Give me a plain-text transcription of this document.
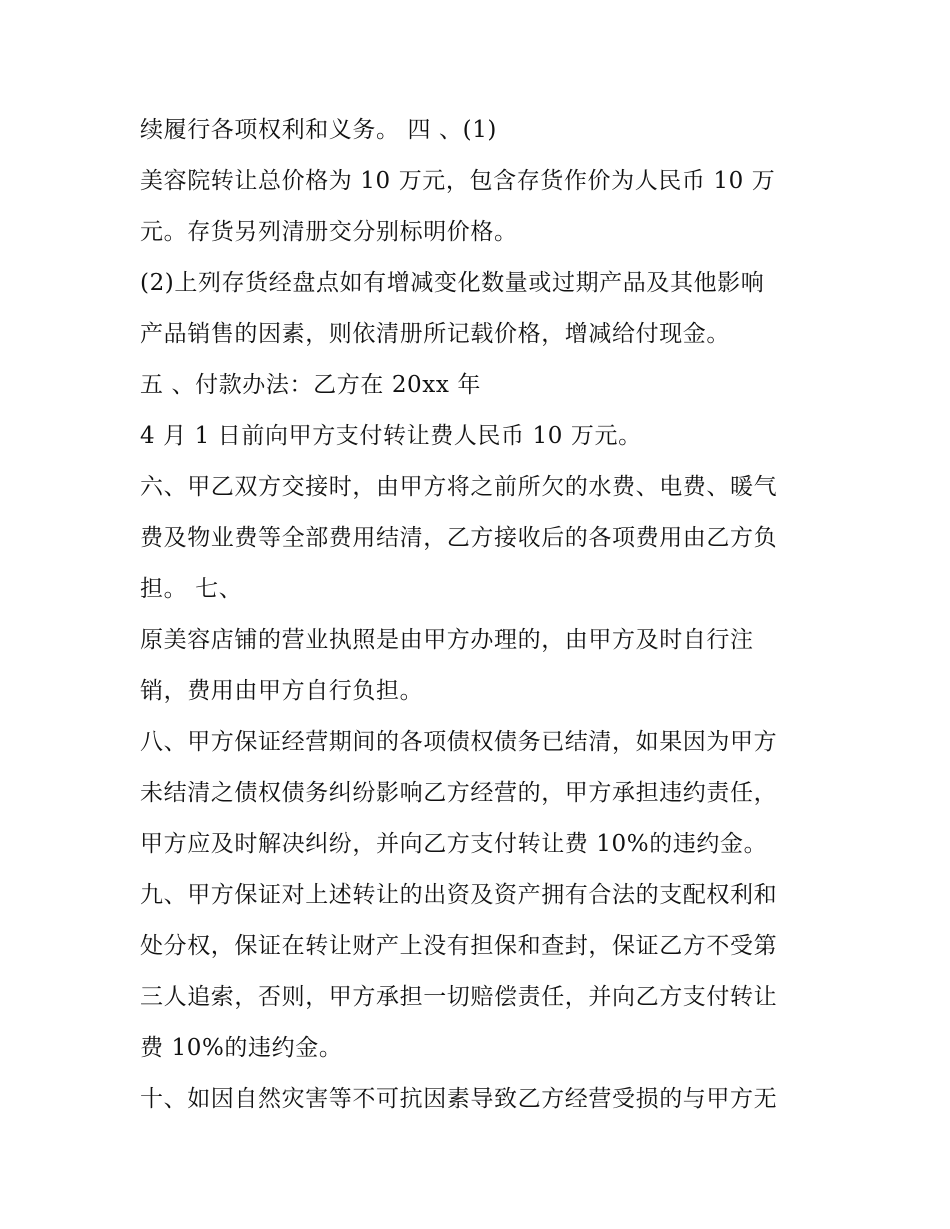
续履行各项权利和义务。 四 、(1)
美容院转让总价格为 10 万元，包含存货作价为人民币 10 万
元。存货另列清册交分别标明价格。
(2)上列存货经盘点如有增减变化数量或过期产品及其他影响
产品销售的因素，则依清册所记载价格，增减给付现金。
五 、付款办法：乙方在 20xx 年
4 月 1 日前向甲方支付转让费人民币 10 万元。
六、甲乙双方交接时，由甲方将之前所欠的水费、电费、暖气
费及物业费等全部费用结清，乙方接收后的各项费用由乙方负
担。 七、
原美容店铺的营业执照是由甲方办理的，由甲方及时自行注
销，费用由甲方自行负担。
八、甲方保证经营期间的各项债权债务已结清，如果因为甲方
未结清之债权债务纠纷影响乙方经营的，甲方承担违约责任，
甲方应及时解决纠纷，并向乙方支付转让费 10%的违约金。
九、甲方保证对上述转让的出资及资产拥有合法的支配权利和
处分权，保证在转让财产上没有担保和查封，保证乙方不受第
三人追索，否则，甲方承担一切赔偿责任，并向乙方支付转让
费 10%的违约金。
十、如因自然灾害等不可抗因素导致乙方经营受损的与甲方无
